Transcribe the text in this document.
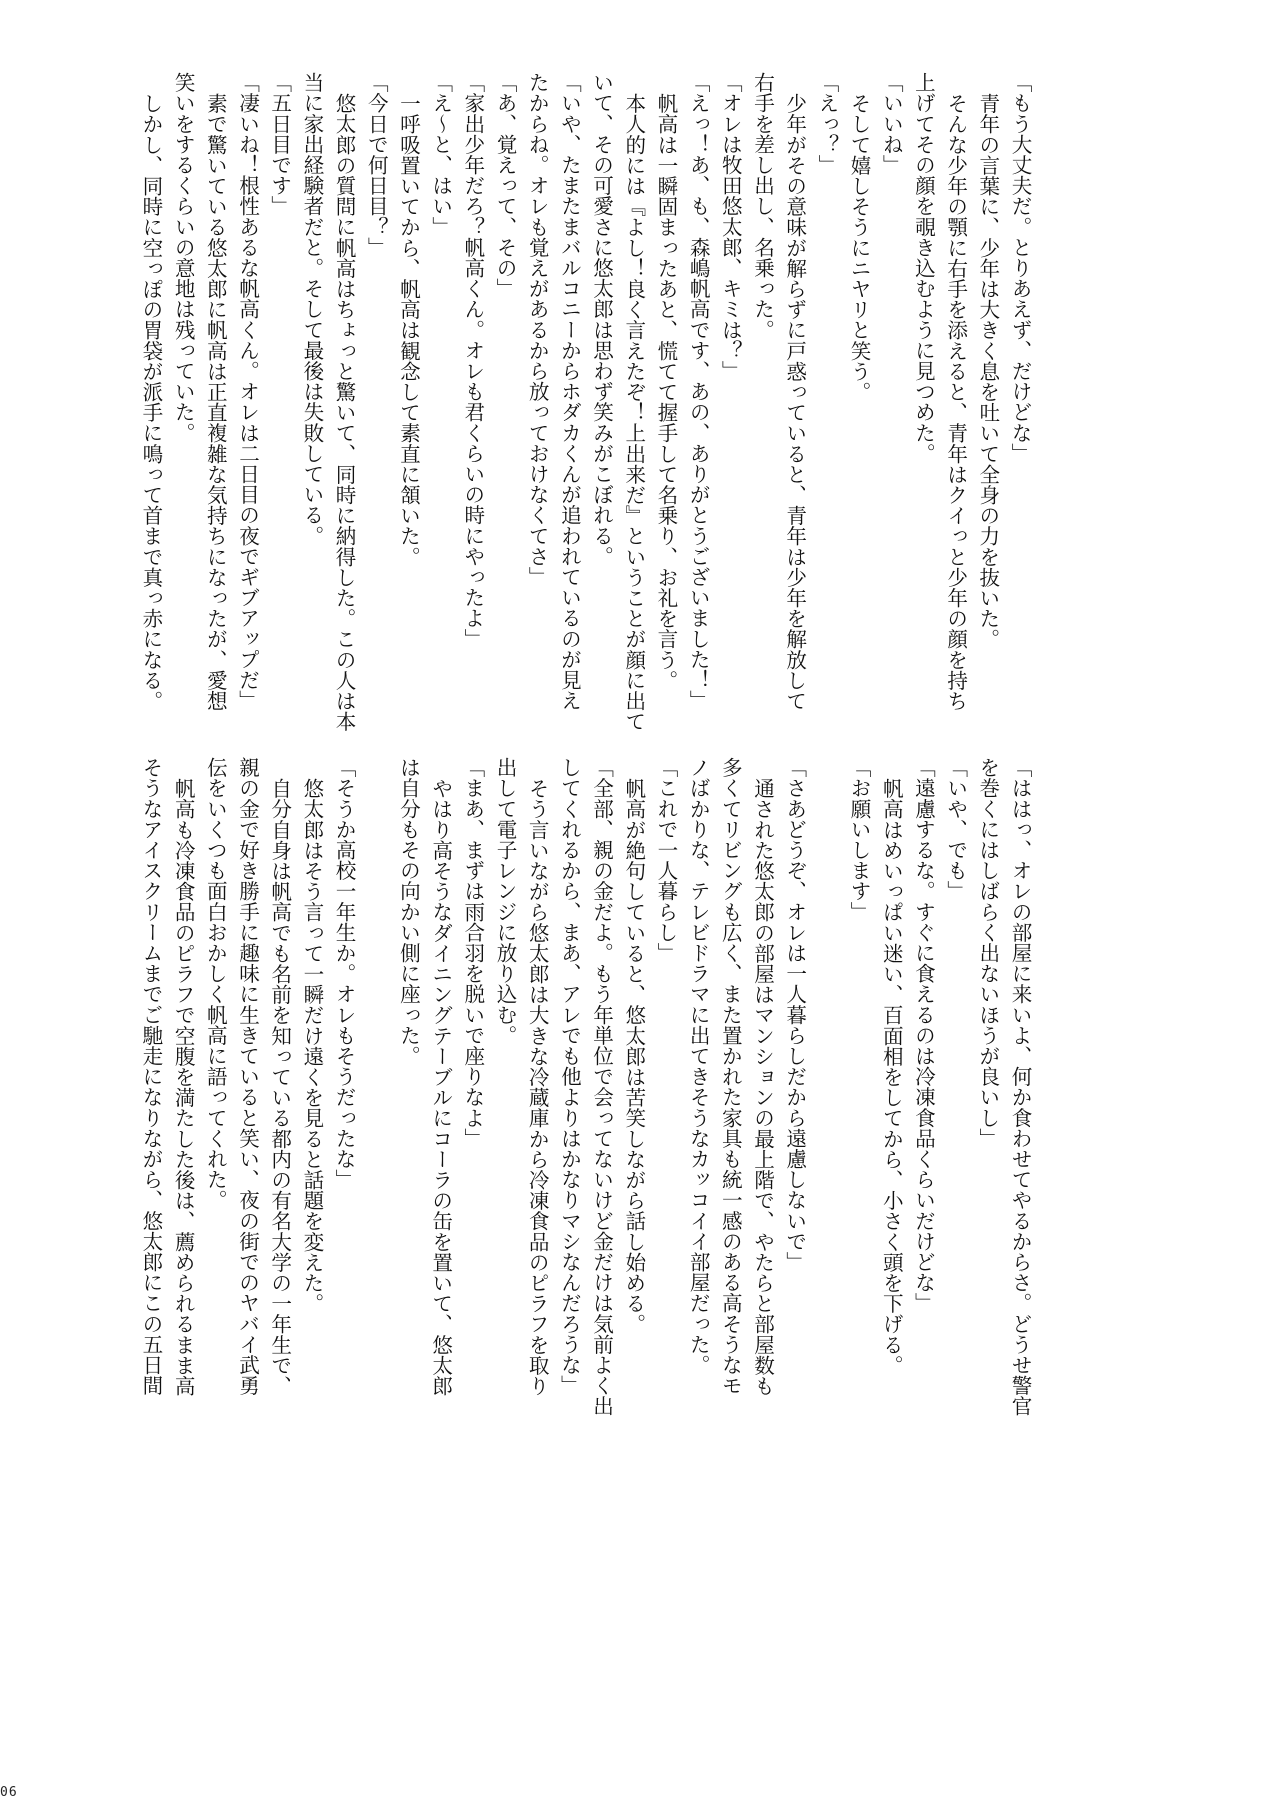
「もう大丈夫だ。とりあえず、だけどな」
青年の言葉に、少年は大きく息を吐いて全身の力を抜いた。
そんな少年の顎に右手を添えると、青年はクイっと少年の顔を持ち
上げてその顔を覗き込むように見つめた。
「いいね」
そして嬉しそうにニヤリと笑う。
「えっ？」
少年がその意味が解らずに戸惑っていると、青年は少年を解放して
右手を差し出し、名乗った。
「オレは牧田悠太郎、キミは？」
「えっ！あ、も、森嶋帆高です、あの、ありがとうございました！」
帆高は一瞬固まったあと、慌てて握手して名乗り、お礼を言う。
本人的には『よし！良く言えたぞ！上出来だ』ということが顔に出て
いて、その可愛さに悠太郎は思わず笑みがこぼれる。
「いや、たまたまバルコニーからホダカくんが追われているのが見え
たからね。オレも覚えがあるから放っておけなくてさ」
「あ、覚えって、その」
「家出少年だろ？帆高くん。オレも君くらいの時にやったよ」
「え〜と、はい」
一呼吸置いてから、帆高は観念して素直に頷いた。
「今日で何日目？」
悠太郎の質問に帆高はちょっと驚いて、同時に納得した。この人は本
当に家出経験者だと。そして最後は失敗している。
「五日目です」
「凄いね！根性あるな帆高くん。オレは二日目の夜でギブアップだ」
素で驚いている悠太郎に帆高は正直複雑な気持ちになったが、愛想
笑いをするくらいの意地は残っていた。
しかし、同時に空っぽの胃袋が派手に鳴って首まで真っ赤になる。
「ははっ、オレの部屋に来いよ、何か食わせてやるからさ。どうせ警官
を巻くにはしばらく出ないほうが良いし」
「いや、でも」
「遠慮するな。すぐに食えるのは冷凍食品くらいだけどな」
帆高はめいっぱい迷い、百面相をしてから、小さく頭を下げる。
「お願いします」
「さあどうぞ、オレは一人暮らしだから遠慮しないで」
通された悠太郎の部屋はマンションの最上階で、やたらと部屋数も
多くてリビングも広く、また置かれた家具も統一感のある高そうなモ
ノばかりな、テレビドラマに出てきそうなカッコイイ部屋だった。
「これで一人暮らし」
帆高が絶句していると、悠太郎は苦笑しながら話し始める。
「全部、親の金だよ。もう年単位で会ってないけど金だけは気前よく出
してくれるから、まあ、アレでも他よりはかなりマシなんだろうな」
そう言いながら悠太郎は大きな冷蔵庫から冷凍食品のピラフを取り
出して電子レンジに放り込む。
「まあ、まずは雨合羽を脱いで座りなよ」
やはり高そうなダイニングテーブルにコーラの缶を置いて、悠太郎
は自分もその向かい側に座った。
「そうか高校一年生か。オレもそうだったな」
悠太郎はそう言って一瞬だけ遠くを見ると話題を変えた。
自分自身は帆高でも名前を知っている都内の有名大学の一年生で、
親の金で好き勝手に趣味に生きていると笑い、夜の街でのヤバイ武勇
伝をいくつも面白おかしく帆高に語ってくれた。
帆高も冷凍食品のピラフで空腹を満たした後は、薦められるまま高
そうなアイスクリームまでご馳走になりながら、悠太郎にこの五日間
06
